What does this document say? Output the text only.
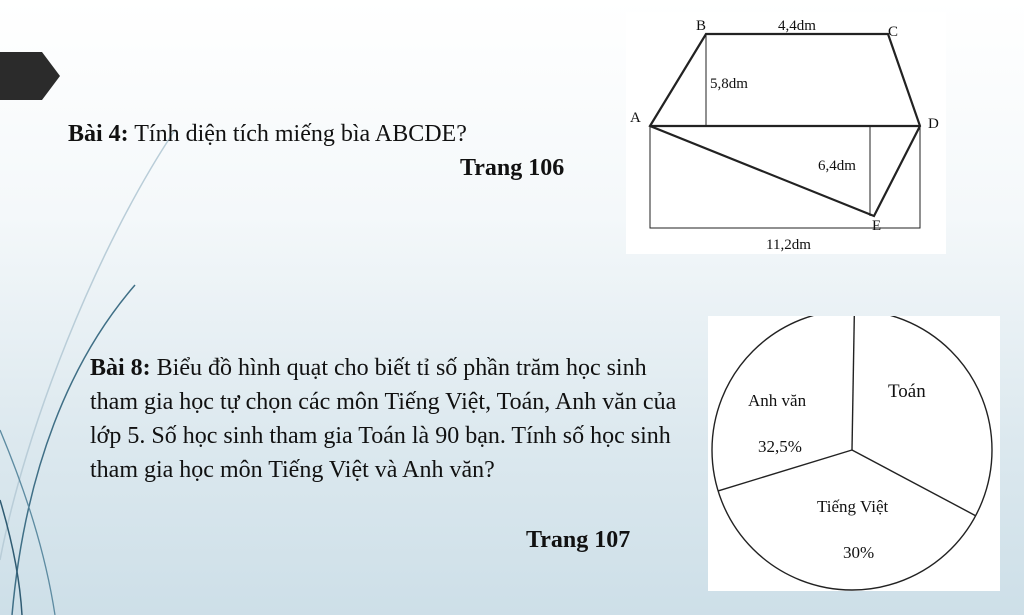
Bài 4: Tính diện tích miếng bìa ABCDE?
Trang 106
A
B	C
D
E
4,4dm
5,8dm
6,4dm
11,2dm
Bài 8: Biểu đồ hình quạt cho biết tỉ số phần trăm học sinh tham gia học tự chọn các môn Tiếng Việt, Toán, Anh văn của lớp 5. Số học sinh tham gia Toán là 90 bạn. Tính số học sinh tham gia học môn Tiếng Việt và Anh văn?
Trang 107
Anh văn
32,5%
Toán
Tiếng Việt
30%
